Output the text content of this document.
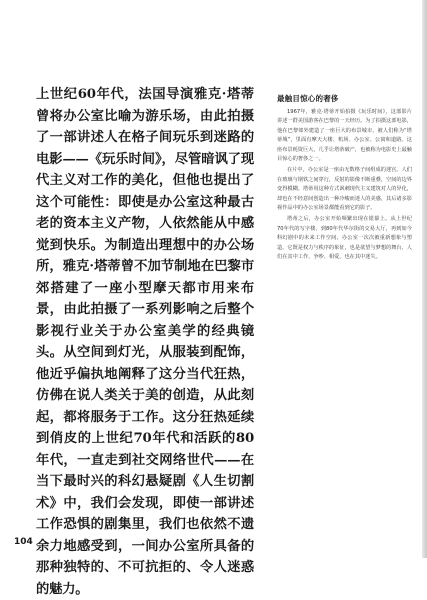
上世纪60年代，法国导演雅克·塔蒂曾将办公室比喻为游乐场，由此拍摄了一部讲述人在格子间玩乐到迷路的电影——《玩乐时间》，尽管暗讽了现代主义对工作的美化，但他也提出了这个可能性：即使是办公室这种最古老的资本主义产物，人依然能从中感觉到快乐。为制造出理想中的办公场所，雅克·塔蒂曾不加节制地在巴黎市郊搭建了一座小型摩天都市用来布景，由此拍摄了一系列影响之后整个影视行业关于办公室美学的经典镜头。从空间到灯光，从服装到配饰，他近乎偏执地阐释了这分当代狂热，仿佛在说人类关于美的创造，从此刻起，都将服务于工作。这分狂热延续到俏皮的上世纪70年代和活跃的80年代，一直走到社交网络世代——在当下最时兴的科幻悬疑剧《人生切割术》中，我们会发现，即使一部讲述工作恐惧的剧集里，我们也依然不遗余力地感受到，一间办公室所具备的那种独特的、不可抗拒的、令人迷惑的魅力。
最触目惊心的奢侈

1967年，雅克·塔蒂开始拍摄《玩乐时间》，这部影片讲述一群美国游客在巴黎的一天经历。为了拍摄这部电影，他在巴黎郊外建造了一座巨大的布景城市，被人们称为“塔蒂城”，里面有摩天大楼、机场、办公室、公寓和道路。这座布景耗资巨大，几乎让塔蒂破产，也被称为电影史上最触目惊心的奢侈之一。

在片中，办公室是一座由无数格子间组成的迷宫。人们在玻璃与钢铁之间穿行，反射的影像不断重叠，空间的边界变得模糊。塔蒂用这种方式讽刺现代主义建筑对人的异化，却也在不经意间创造出一种冷峻而迷人的美感，其后诸多影视作品中的办公室场景都能看到它的影子。

塔蒂之后，办公室开始频繁出现在银幕上。从上世纪70年代的写字楼，到80年代华尔街的交易大厅，再到如今科幻剧中的未来工作空间，办公室一次次被重新想象与塑造。它既是权力与秩序的象征，也是欲望与梦想的舞台，人们在其中工作、争吵、相爱，也在其中迷失。

104
